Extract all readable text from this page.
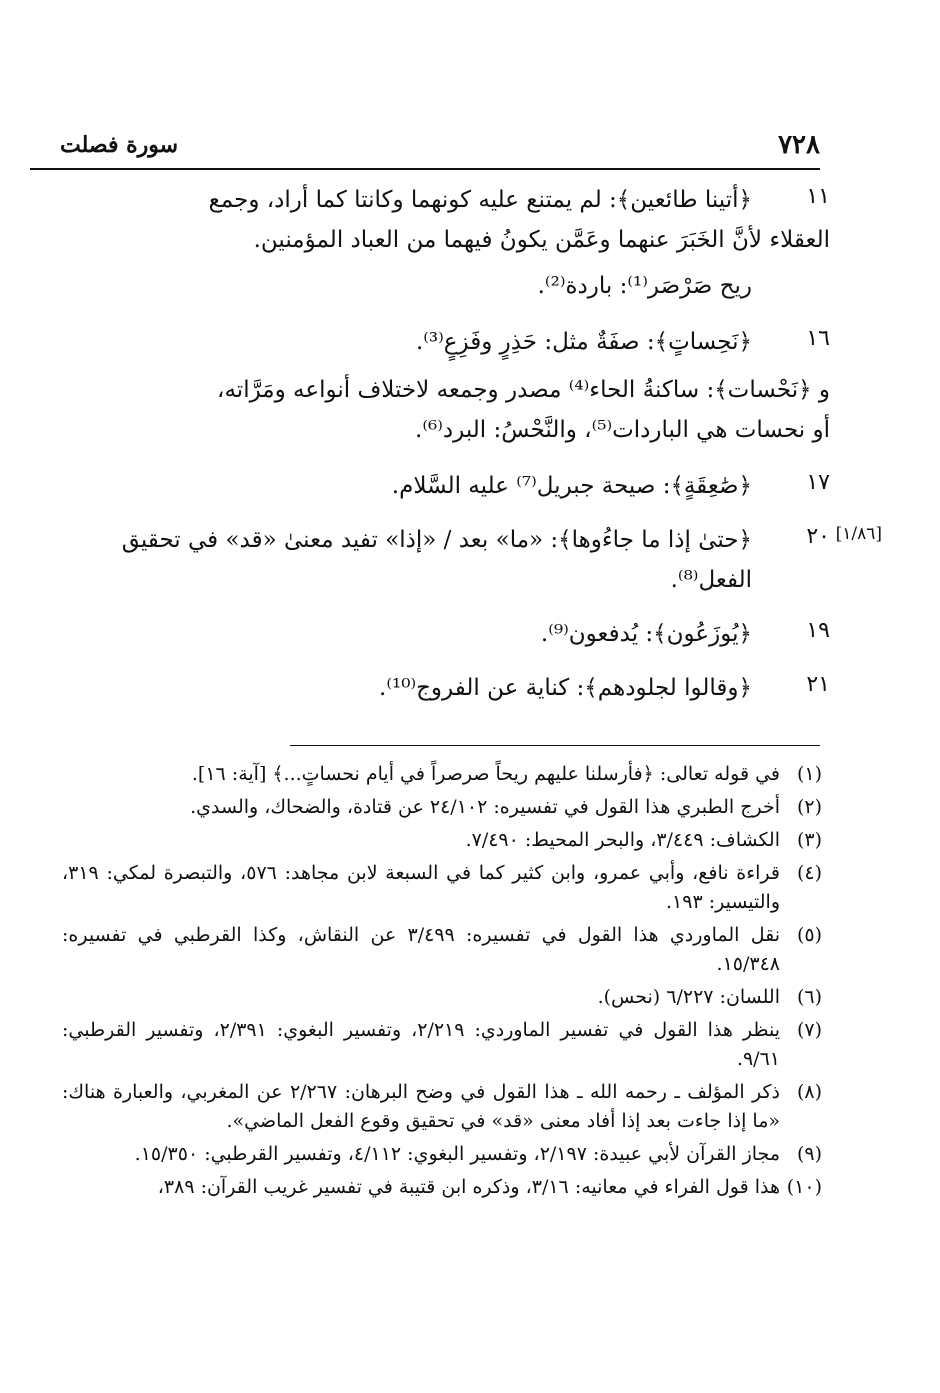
٧٢٨
سورة فصلت
١١
﴿أتينا طائعين﴾: لم يمتنع عليه كونهما وكانتا كما أراد، وجمع
العقلاء لأنَّ الخَبَرَ عنهما وعَمَّن يكونُ فيهما من العباد المؤمنين.
ريح صَرْصَر⁽¹⁾: باردة⁽²⁾.
١٦
﴿نَحِساتٍ﴾: صفَةٌ مثل: حَذِرٍ وفَزِعٍ⁽³⁾.
و ﴿نَحْسات﴾: ساكنةُ الحاء⁽⁴⁾ مصدر وجمعه لاختلاف أنواعه ومَرَّاته،
أو نحسات هي الباردات⁽⁵⁾، والنَّحْسُ: البرد⁽⁶⁾.
١٧
﴿صَٰعِقَةٍ﴾: صيحة جبريل⁽⁷⁾ عليه السَّلام.
٢٠ [١/٨٦]
﴿حتىٰ إذا ما جاءُوها﴾: «ما» بعد / «إذا» تفيد معنىٰ «قد» في تحقيق
الفعل⁽⁸⁾.
١٩
﴿يُوزَعُون﴾: يُدفعون⁽⁹⁾.
٢١
﴿وقالوا لجلودهم﴾: كناية عن الفروج⁽¹⁰⁾.
(١)
في قوله تعالى: ﴿فأرسلنا عليهم ريحاً صرصراً في أيام نحساتٍ...﴾ [آية: ١٦].
(٢)
أخرج الطبري هذا القول في تفسيره: ٢٤/١٠٢ عن قتادة، والضحاك، والسدي.
(٣)
الكشاف: ٣/٤٤٩، والبحر المحيط: ٧/٤٩٠.
(٤)
قراءة نافع، وأبي عمرو، وابن كثير كما في السبعة لابن مجاهد: ٥٧٦، والتبصرة لمكي: ٣١٩، والتيسير: ١٩٣.
(٥)
نقل الماوردي هذا القول في تفسيره: ٣/٤٩٩ عن النقاش، وكذا القرطبي في تفسيره: ١٥/٣٤٨.
(٦)
اللسان: ٦/٢٢٧ (نحس).
(٧)
ينظر هذا القول في تفسير الماوردي: ٢/٢١٩، وتفسير البغوي: ٢/٣٩١، وتفسير القرطبي: ٩/٦١.
(٨)
ذكر المؤلف ـ رحمه الله ـ هذا القول في وضح البرهان: ٢/٢٦٧ عن المغربي، والعبارة هناك: «ما إذا جاءت بعد إذا أفاد معنى «قد» في تحقيق وقوع الفعل الماضي».
(٩)
مجاز القرآن لأبي عبيدة: ٢/١٩٧، وتفسير البغوي: ٤/١١٢، وتفسير القرطبي: ١٥/٣٥٠.
(١٠)
هذا قول الفراء في معانيه: ٣/١٦، وذكره ابن قتيبة في تفسير غريب القرآن: ٣٨٩،
